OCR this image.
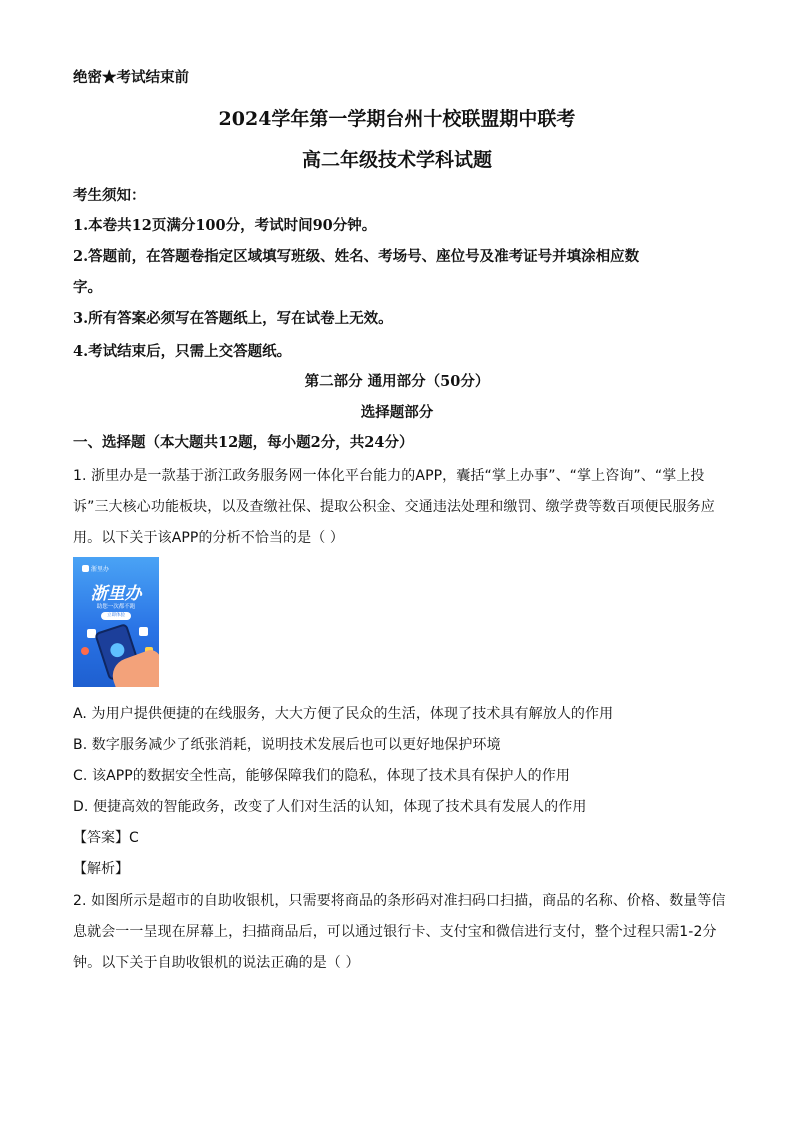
绝密★考试结束前
2024学年第一学期台州十校联盟期中联考
高二年级技术学科试题
考生须知：
1.本卷共12页满分100分，考试时间90分钟。
2.答题前，在答题卷指定区域填写班级、姓名、考场号、座位号及准考证号并填涂相应数
字。
3.所有答案必须写在答题纸上，写在试卷上无效。
4.考试结束后，只需上交答题纸。
第二部分 通用部分（50分）
选择题部分
一、选择题（本大题共12题，每小题2分，共24分）
1. 浙里办是一款基于浙江政务服务网一体化平台能力的APP，囊括“掌上办事”、“掌上咨询”、“掌上投
诉”三大核心功能板块，以及查缴社保、提取公积金、交通违法处理和缴罚、缴学费等数百项便民服务应
用。以下关于该APP的分析不恰当的是（ ）
浙里办
浙里办
助您一次都不跑
立即体验
A. 为用户提供便捷的在线服务，大大方便了民众的生活，体现了技术具有解放人的作用
B. 数字服务减少了纸张消耗，说明技术发展后也可以更好地保护环境
C. 该APP的数据安全性高，能够保障我们的隐私，体现了技术具有保护人的作用
D. 便捷高效的智能政务，改变了人们对生活的认知，体现了技术具有发展人的作用
【答案】C
【解析】
2. 如图所示是超市的自助收银机，只需要将商品的条形码对准扫码口扫描，商品的名称、价格、数量等信
息就会一一呈现在屏幕上，扫描商品后，可以通过银行卡、支付宝和微信进行支付，整个过程只需1-2分
钟。以下关于自助收银机的说法正确的是（ ）
